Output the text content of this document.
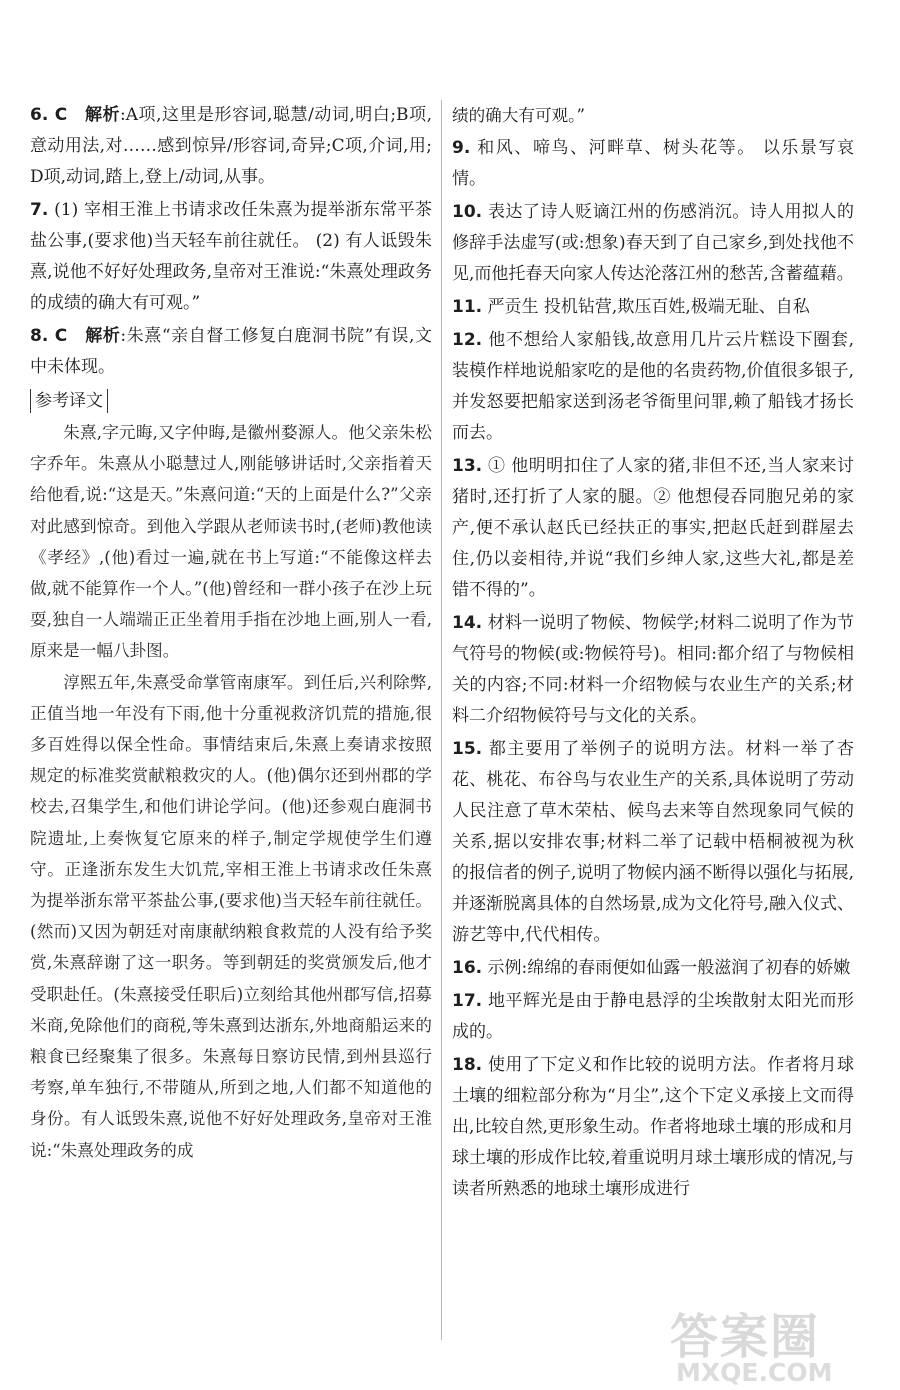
6. C 解析:A项,这里是形容词,聪慧/动词,明白;B项,意动用法,对……感到惊异/形容词,奇异;C项,介词,用;D项,动词,踏上,登上/动词,从事。

7. (1) 宰相王淮上书请求改任朱熹为提举浙东常平茶盐公事,(要求他)当天轻车前往就任。 (2) 有人诋毁朱熹,说他不好好处理政务,皇帝对王淮说:“朱熹处理政务的成绩的确大有可观。”

8. C 解析:朱熹“亲自督工修复白鹿洞书院”有误,文中未体现。

参考译文

朱熹,字元晦,又字仲晦,是徽州婺源人。他父亲朱松字乔年。朱熹从小聪慧过人,刚能够讲话时,父亲指着天给他看,说:“这是天。”朱熹问道:“天的上面是什么?”父亲对此感到惊奇。到他入学跟从老师读书时,(老师)教他读《孝经》,(他)看过一遍,就在书上写道:“不能像这样去做,就不能算作一个人。”(他)曾经和一群小孩子在沙上玩耍,独自一人端端正正坐着用手指在沙地上画,别人一看,原来是一幅八卦图。

淳熙五年,朱熹受命掌管南康军。到任后,兴利除弊,正值当地一年没有下雨,他十分重视救济饥荒的措施,很多百姓得以保全性命。事情结束后,朱熹上奏请求按照规定的标准奖赏献粮救灾的人。(他)偶尔还到州郡的学校去,召集学生,和他们讲论学问。(他)还参观白鹿洞书院遗址,上奏恢复它原来的样子,制定学规使学生们遵守。正逢浙东发生大饥荒,宰相王淮上书请求改任朱熹为提举浙东常平茶盐公事,(要求他)当天轻车前往就任。(然而)又因为朝廷对南康献纳粮食救荒的人没有给予奖赏,朱熹辞谢了这一职务。等到朝廷的奖赏颁发后,他才受职赴任。(朱熹接受任职后)立刻给其他州郡写信,招募米商,免除他们的商税,等朱熹到达浙东,外地商船运来的粮食已经聚集了很多。朱熹每日察访民情,到州县巡行考察,单车独行,不带随从,所到之地,人们都不知道他的身份。有人诋毁朱熹,说他不好好处理政务,皇帝对王淮说:“朱熹处理政务的成

绩的确大有可观。”

9. 和风、啼鸟、河畔草、树头花等。 以乐景写哀情。

10. 表达了诗人贬谪江州的伤感消沉。诗人用拟人的修辞手法虚写(或:想象)春天到了自己家乡,到处找他不见,而他托春天向家人传达沦落江州的愁苦,含蓄蕴藉。

11. 严贡生 投机钻营,欺压百姓,极端无耻、自私

12. 他不想给人家船钱,故意用几片云片糕设下圈套,装模作样地说船家吃的是他的名贵药物,价值很多银子,并发怒要把船家送到汤老爷衙里问罪,赖了船钱才扬长而去。

13. ① 他明明扣住了人家的猪,非但不还,当人家来讨猪时,还打折了人家的腿。② 他想侵吞同胞兄弟的家产,便不承认赵氏已经扶正的事实,把赵氏赶到群屋去住,仍以妾相待,并说“我们乡绅人家,这些大礼,都是差错不得的”。

14. 材料一说明了物候、物候学;材料二说明了作为节气符号的物候(或:物候符号)。相同:都介绍了与物候相关的内容;不同:材料一介绍物候与农业生产的关系;材料二介绍物候符号与文化的关系。

15. 都主要用了举例子的说明方法。材料一举了杏花、桃花、布谷鸟与农业生产的关系,具体说明了劳动人民注意了草木荣枯、候鸟去来等自然现象同气候的关系,据以安排农事;材料二举了记载中梧桐被视为秋的报信者的例子,说明了物候内涵不断得以强化与拓展,并逐渐脱离具体的自然场景,成为文化符号,融入仪式、游艺等中,代代相传。

16. 示例:绵绵的春雨便如仙露一般滋润了初春的娇嫩

17. 地平辉光是由于静电悬浮的尘埃散射太阳光而形成的。

18. 使用了下定义和作比较的说明方法。作者将月球土壤的细粒部分称为“月尘”,这个下定义承接上文而得出,比较自然,更形象生动。作者将地球土壤的形成和月球土壤的形成作比较,着重说明月球土壤形成的情况,与读者所熟悉的地球土壤形成进行

答案圈
MXQE.COM
